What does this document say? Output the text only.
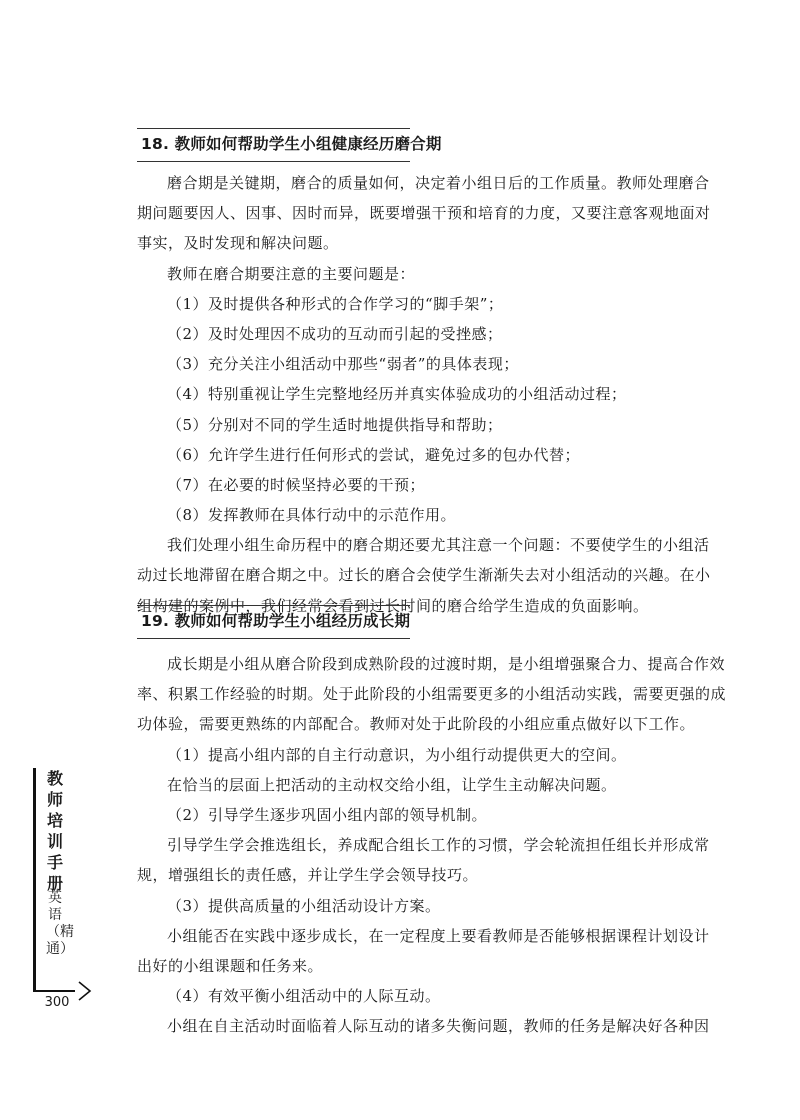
18. 教师如何帮助学生小组健康经历磨合期
磨合期是关键期，磨合的质量如何，决定着小组日后的工作质量。教师处理磨合
期问题要因人、因事、因时而异，既要增强干预和培育的力度，又要注意客观地面对
事实，及时发现和解决问题。
教师在磨合期要注意的主要问题是：
（1）及时提供各种形式的合作学习的“脚手架”；
（2）及时处理因不成功的互动而引起的受挫感；
（3）充分关注小组活动中那些“弱者”的具体表现；
（4）特别重视让学生完整地经历并真实体验成功的小组活动过程；
（5）分别对不同的学生适时地提供指导和帮助；
（6）允许学生进行任何形式的尝试，避免过多的包办代替；
（7）在必要的时候坚持必要的干预；
（8）发挥教师在具体行动中的示范作用。
我们处理小组生命历程中的磨合期还要尤其注意一个问题：不要使学生的小组活
动过长地滞留在磨合期之中。过长的磨合会使学生渐渐失去对小组活动的兴趣。在小
组构建的案例中，我们经常会看到过长时间的磨合给学生造成的负面影响。
19. 教师如何帮助学生小组经历成长期
成长期是小组从磨合阶段到成熟阶段的过渡时期，是小组增强聚合力、提高合作效
率、积累工作经验的时期。处于此阶段的小组需要更多的小组活动实践，需要更强的成
功体验，需要更熟练的内部配合。教师对处于此阶段的小组应重点做好以下工作。
（1）提高小组内部的自主行动意识，为小组行动提供更大的空间。
在恰当的层面上把活动的主动权交给小组，让学生主动解决问题。
（2）引导学生逐步巩固小组内部的领导机制。
引导学生学会推选组长，养成配合组长工作的习惯，学会轮流担任组长并形成常
规，增强组长的责任感，并让学生学会领导技巧。
（3）提供高质量的小组活动设计方案。
小组能否在实践中逐步成长，在一定程度上要看教师是否能够根据课程计划设计
出好的小组课题和任务来。
（4）有效平衡小组活动中的人际互动。
小组在自主活动时面临着人际互动的诸多失衡问题，教师的任务是解决好各种因
教师培训手册
英语（精通）
300
